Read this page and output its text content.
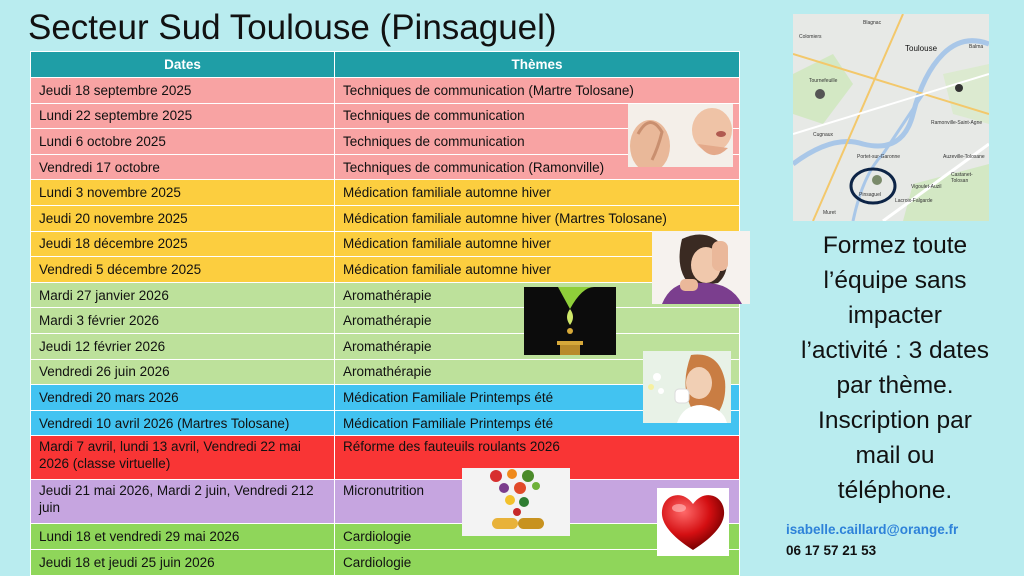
Secteur Sud Toulouse (Pinsaguel)
Dates	Thèmes
Jeudi 18 septembre 2025	Techniques de communication (Martre Tolosane)
Lundi 22 septembre 2025	Techniques de communication
Lundi 6 octobre 2025	Techniques de communication
Vendredi 17 octobre	Techniques de communication (Ramonville)
Lundi 3 novembre 2025	Médication familiale automne hiver
Jeudi 20 novembre 2025	Médication familiale automne hiver (Martres Tolosane)
Jeudi 18 décembre 2025	Médication familiale automne hiver
Vendredi 5 décembre 2025	Médication familiale automne hiver
Mardi 27 janvier 2026	Aromathérapie
Mardi 3 février 2026	Aromathérapie
Jeudi 12 février 2026	Aromathérapie
Vendredi 26 juin 2026	Aromathérapie
Vendredi 20 mars 2026	Médication Familiale Printemps été
Vendredi 10 avril 2026 (Martres Tolosane)	Médication Familiale Printemps été
Mardi 7 avril, lundi 13 avril, Vendredi 22 mai 2026 (classe virtuelle)	Réforme des fauteuils roulants 2026
Jeudi 21 mai 2026, Mardi 2 juin, Vendredi 212 juin	Micronutrition
Lundi 18 et vendredi 29 mai 2026	Cardiologie
Jeudi 18 et jeudi 25 juin 2026	Cardiologie
Toulouse
Colomiers
Tournefeuille
Blagnac
Ramonville-Saint-Agne
Portet-sur-Garonne
Pinsaguel
Castanet-Tolosan
Auzeville-Tolosane
Vigoulet-Auzil
Lacroix-Falgarde
Muret
Cugnaux
Balma
Formez toute
l’équipe sans
impacter
l’activité : 3 dates
par thème.
Inscription par
mail ou
téléphone.
isabelle.caillard@orange.fr
06 17 57 21 53
